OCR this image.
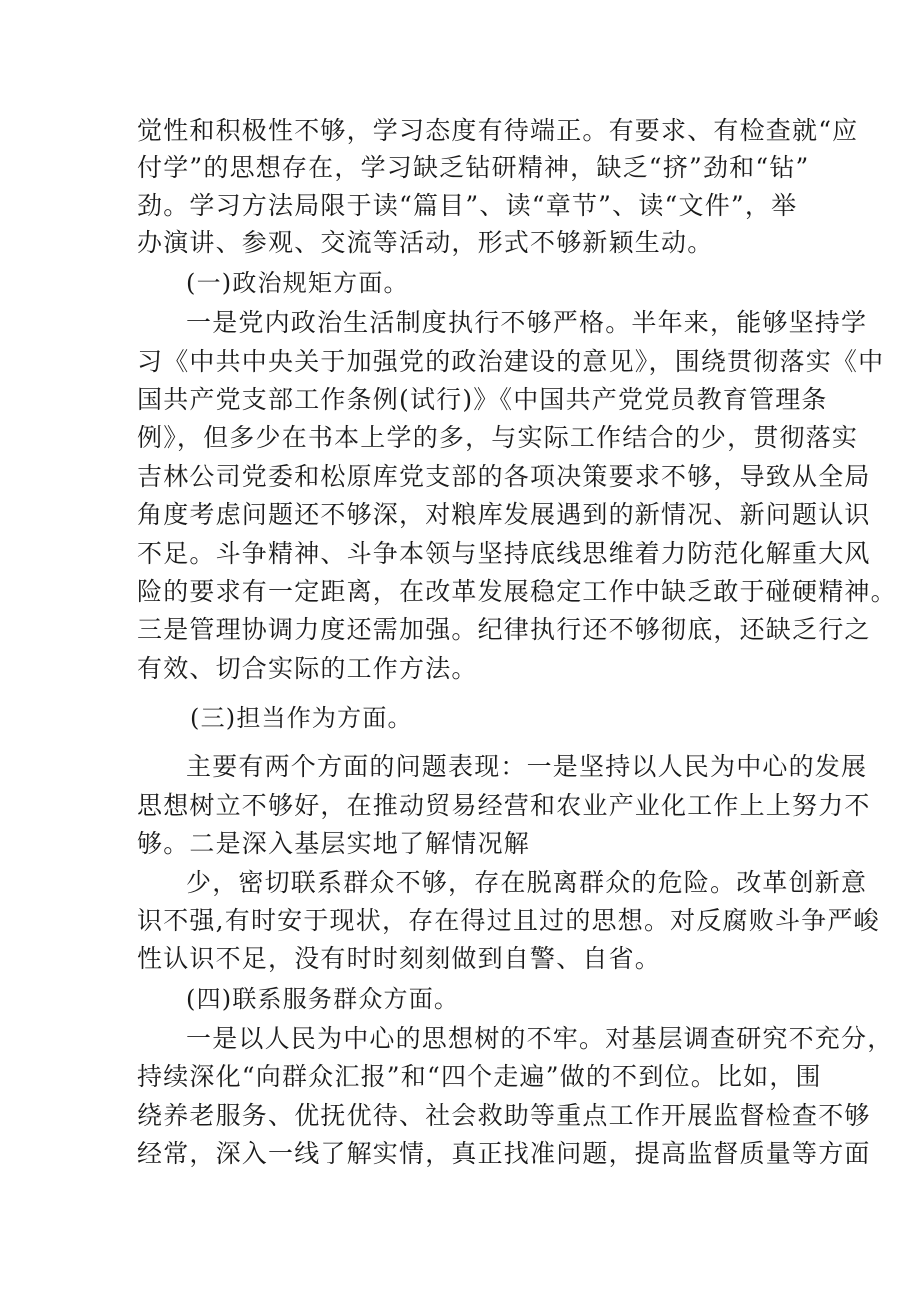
觉性和积极性不够，学习态度有待端正。有要求、有检查就“应
付学”的思想存在，学习缺乏钻研精神，缺乏“挤”劲和“钻”
劲。学习方法局限于读“篇目”、读“章节”、读“文件”，举
办演讲、参观、交流等活动，形式不够新颖生动。
(一)政治规矩方面。
一是党内政治生活制度执行不够严格。半年来，能够坚持学
习《中共中央关于加强党的政治建设的意见》，围绕贯彻落实《中
国共产党支部工作条例(试行)》《中国共产党党员教育管理条
例》，但多少在书本上学的多，与实际工作结合的少，贯彻落实
吉林公司党委和松原库党支部的各项决策要求不够，导致从全局
角度考虑问题还不够深，对粮库发展遇到的新情况、新问题认识
不足。斗争精神、斗争本领与坚持底线思维着力防范化解重大风
险的要求有一定距离，在改革发展稳定工作中缺乏敢于碰硬精神。
三是管理协调力度还需加强。纪律执行还不够彻底，还缺乏行之
有效、切合实际的工作方法。
(三)担当作为方面。
主要有两个方面的问题表现：一是坚持以人民为中心的发展
思想树立不够好，在推动贸易经营和农业产业化工作上上努力不
够。二是深入基层实地了解情况解
少，密切联系群众不够，存在脱离群众的危险。改革创新意
识不强,有时安于现状，存在得过且过的思想。对反腐败斗争严峻
性认识不足，没有时时刻刻做到自警、自省。
(四)联系服务群众方面。
一是以人民为中心的思想树的不牢。对基层调查研究不充分，
持续深化“向群众汇报”和“四个走遍”做的不到位。比如，围
绕养老服务、优抚优待、社会救助等重点工作开展监督检查不够
经常，深入一线了解实情，真正找准问题，提高监督质量等方面
